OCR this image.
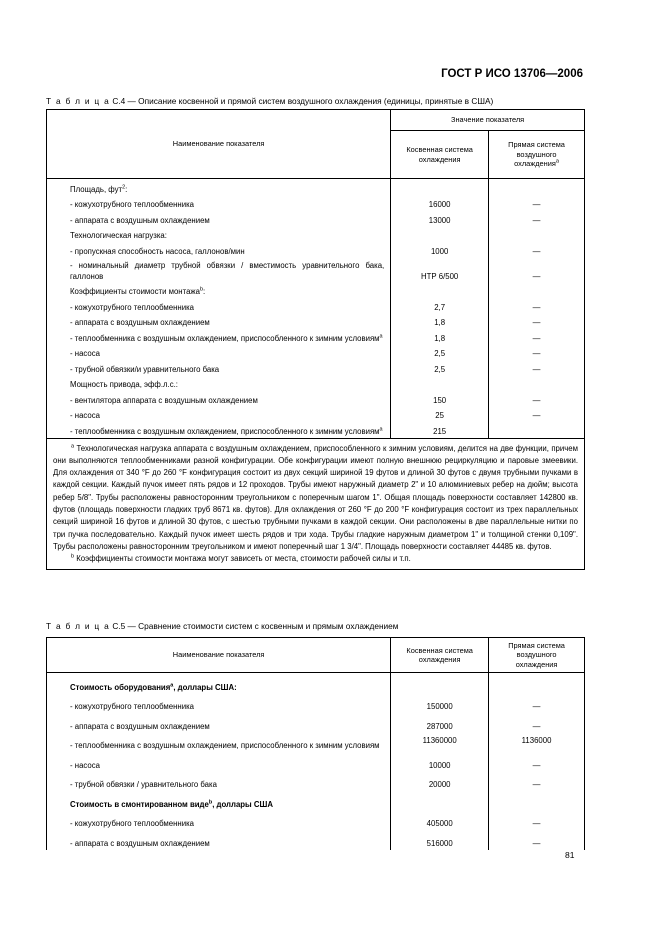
ГОСТ Р ИСО 13706—2006
Т а б л и ц а С.4 — Описание косвенной и прямой систем воздушного охлаждения (единицы, принятые в США)
Наименование показателя	Значение показателя	
	Косвенная система охлаждения	Прямая система воздушного охлаждения$^а$
Площадь, фут$^2$:		
- кожухотрубного теплообменника	16000	—
- аппарата с воздушным охлаждением	13000	—
Технологическая нагрузка:		
- пропускная способность насоса, галлонов/мин	1000	—
- номинальный диаметр трубной обвязки / вместимость уравнительного бака, галлонов	НТР 6/500	—
Коэффициенты стоимости монтажа$^b$:		
- кожухотрубного теплообменника	2,7	—
- аппарата с воздушным охлаждением	1,8	—
- теплообменника с воздушным охлаждением, приспособленного к зимним условиям$^а$	1,8	—
- насоса	2,5	—
- трубной обвязки/и уравнительного бака	2,5	—
Мощность привода, эфф.л.с.:		
- вентилятора аппарата с воздушным охлаждением	150	—
- насоса	25	—
- теплообменника с воздушным охлаждением, приспособленного к зимним условиям$^а$	215	

$^а$ Технологическая нагрузка аппарата с воздушным охлаждением, приспособленного к зимним условиям, делится на две функции, причем они выполняются теплообменниками разной конфигурации. Обе конфигурации имеют полную внешнюю рециркуляцию и паровые змеевики. Для охлаждения от 340 °F до 260 °F конфигурация состоит из двух секций шириной 19 футов и длиной 30 футов с двумя трубными пучками в каждой секции. Каждый пучок имеет пять рядов и 12 проходов. Трубы имеют наружный диаметр 2" и 10 алюминиевых ребер на дюйм; высота ребер 5/8". Трубы расположены равносторонним треугольником с поперечным шагом 1". Общая площадь поверхности составляет 142800 кв. футов (площадь поверхности гладких труб 8671 кв. футов). Для охлаждения от 260 °F до 200 °F конфигурация состоит из трех параллельных секций шириной 16 футов и длиной 30 футов, с шестью трубными пучками в каждой секции. Они расположены в две параллельные нитки по три пучка последовательно. Каждый пучок имеет шесть рядов и три хода. Трубы гладкие наружным диаметром 1" и толщиной стенки 0,109". Трубы расположены равносторонним треугольником и имеют поперечный шаг 1 3/4". Площадь поверхности составляет 44485 кв. футов.

$^b$ Коэффициенты стоимости монтажа могут зависеть от места, стоимости рабочей силы и т.п.		

Т а б л и ц а С.5 — Сравнение стоимости систем с косвенным и прямым охлаждением
Наименование показателя	Косвенная система охлаждения	Прямая система воздушного охлаждения
Стоимость оборудования$^а$, доллары США:		
- кожухотрубного теплообменника	150000	—
- аппарата с воздушным охлаждением	287000	—
- теплообменника с воздушным охлаждением, приспособленного к зимним условиям	11360000	1136000
- насоса	10000	—
- трубной обвязки / уравнительного бака	20000	—
Стоимость в смонтированном виде$^b$, доллары США		
- кожухотрубного теплообменника	405000	—
- аппарата с воздушным охлаждением	516000	—
81
